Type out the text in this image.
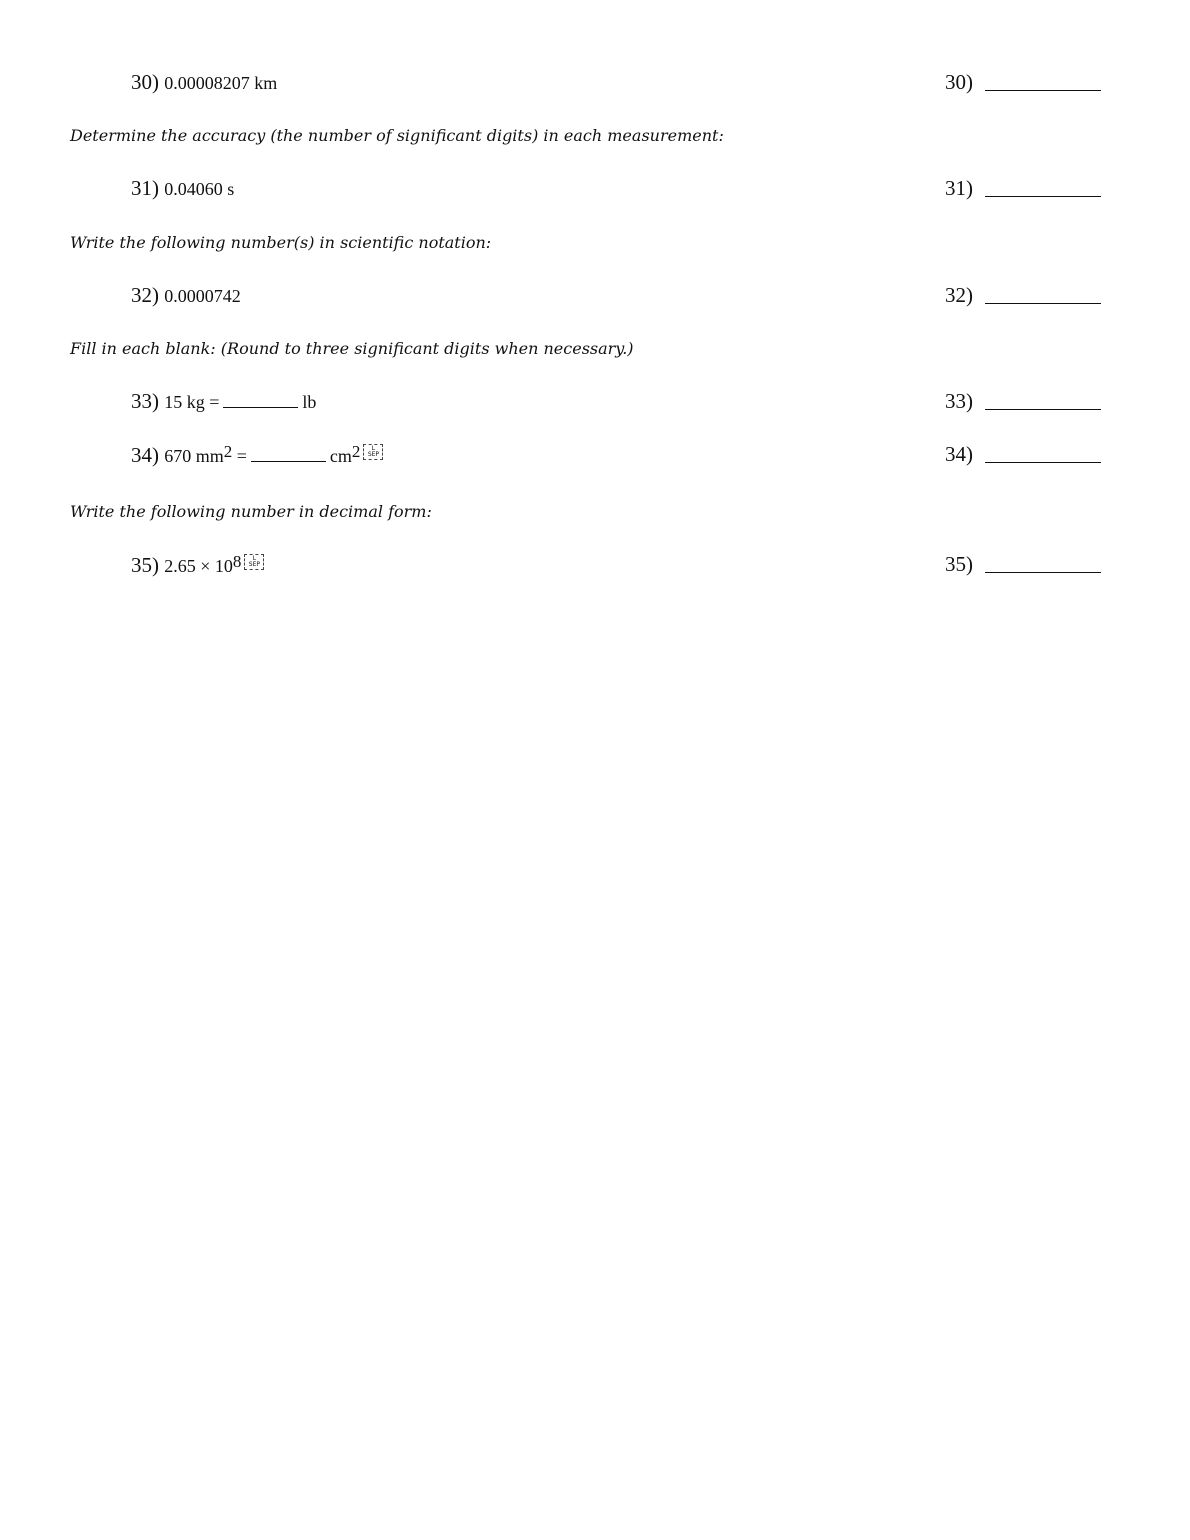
30) 0.00008207 km	30)
Determine the accuracy (the number of significant digits) in each measurement:
31) 0.04060 s	31)
Write the following number(s) in scientific notation:
32) 0.0000742	32)
Fill in each blank: (Round to three significant digits when necessary.)
33) 15 kg =	lb	33)
34) 670 $mm^2$ =	$cm^2$ L
SEP	34)
Write the following number in decimal form:
35) $2.65 \times 10^8$ L
SEP	35)
